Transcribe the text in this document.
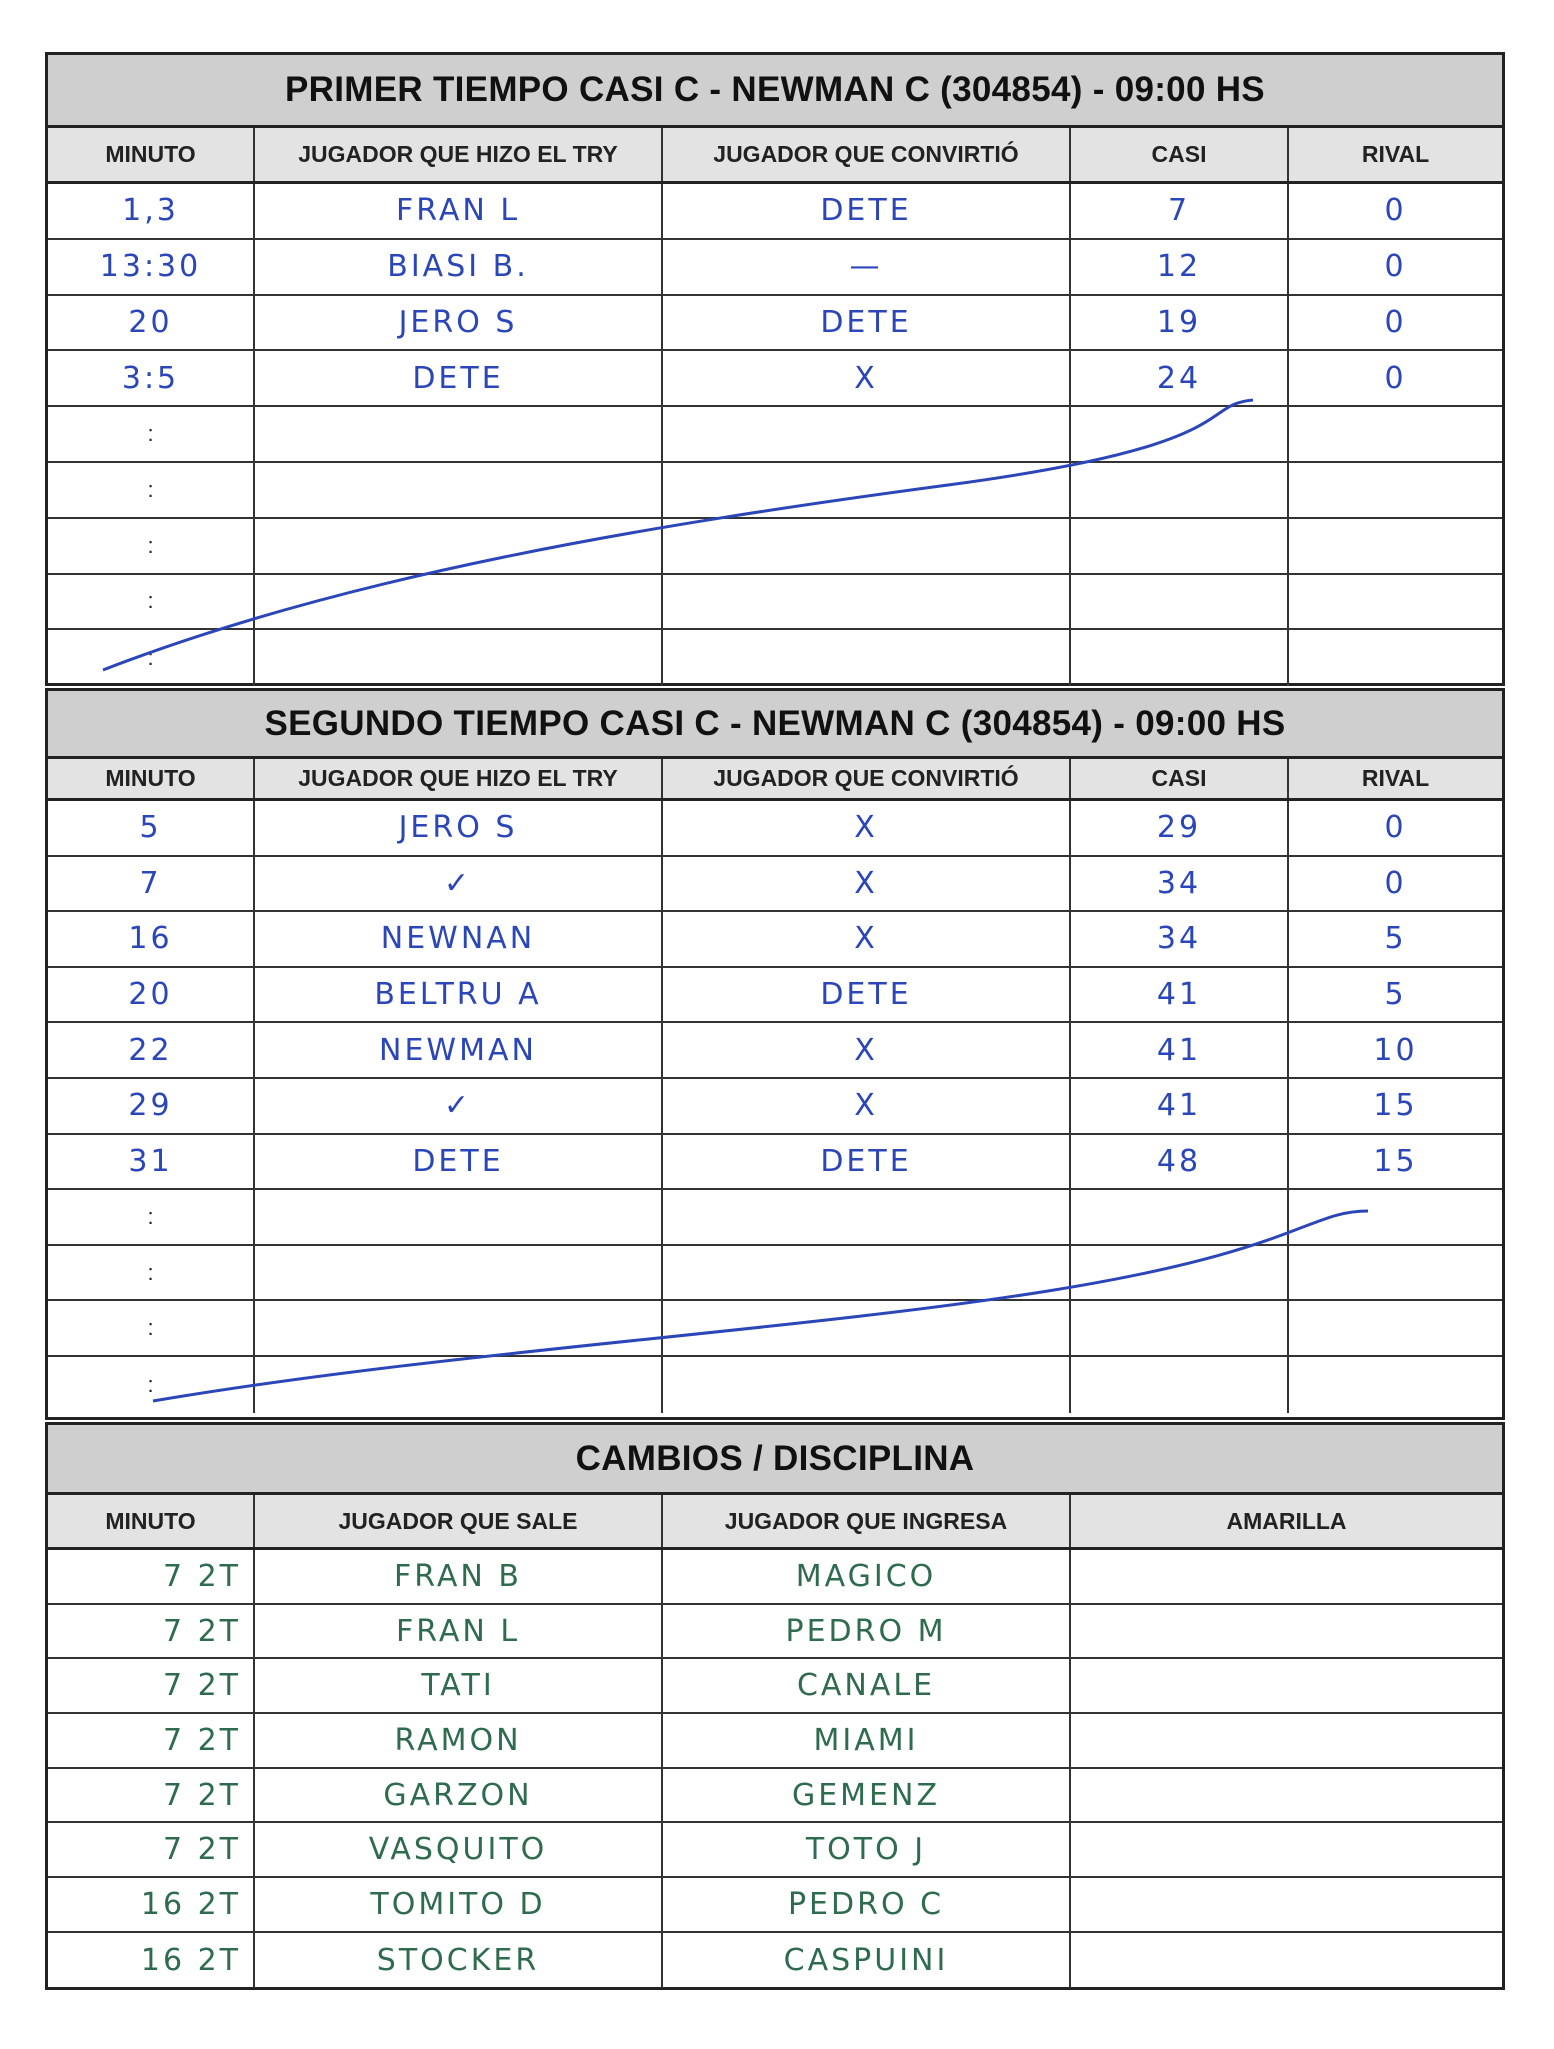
PRIMER TIEMPO CASI C - NEWMAN C (304854) - 09:00 HS
MINUTO	JUGADOR QUE HIZO EL TRY	JUGADOR QUE CONVIRTIÓ	CASI	RIVAL
1,3	FRAN L	DETE	7	0
13:30	BIASI B.	—	12	0
20	JERO S	DETE	19	0
3:5	DETE	X	24	0
:
:
:
:
:
SEGUNDO TIEMPO CASI C - NEWMAN C (304854) - 09:00 HS
MINUTO	JUGADOR QUE HIZO EL TRY	JUGADOR QUE CONVIRTIÓ	CASI	RIVAL
5	JERO S	X	29	0
7	✓	X	34	0
16	NEWNAN	X	34	5
20	BELTRU A	DETE	41	5
22	NEWMAN	X	41	10
29	✓	X	41	15
31	DETE	DETE	48	15
:
:
:
:
CAMBIOS / DISCIPLINA
MINUTO	JUGADOR QUE SALE	JUGADOR QUE INGRESA	AMARILLA
7 2T	FRAN B	MAGICO
7 2T	FRAN L	PEDRO M
7 2T	TATI	CANALE
7 2T	RAMON	MIAMI
7 2T	GARZON	GEMENZ
7 2T	VASQUITO	TOTO J
16 2T	TOMITO D	PEDRO C
16 2T	STOCKER	CASPUINI
